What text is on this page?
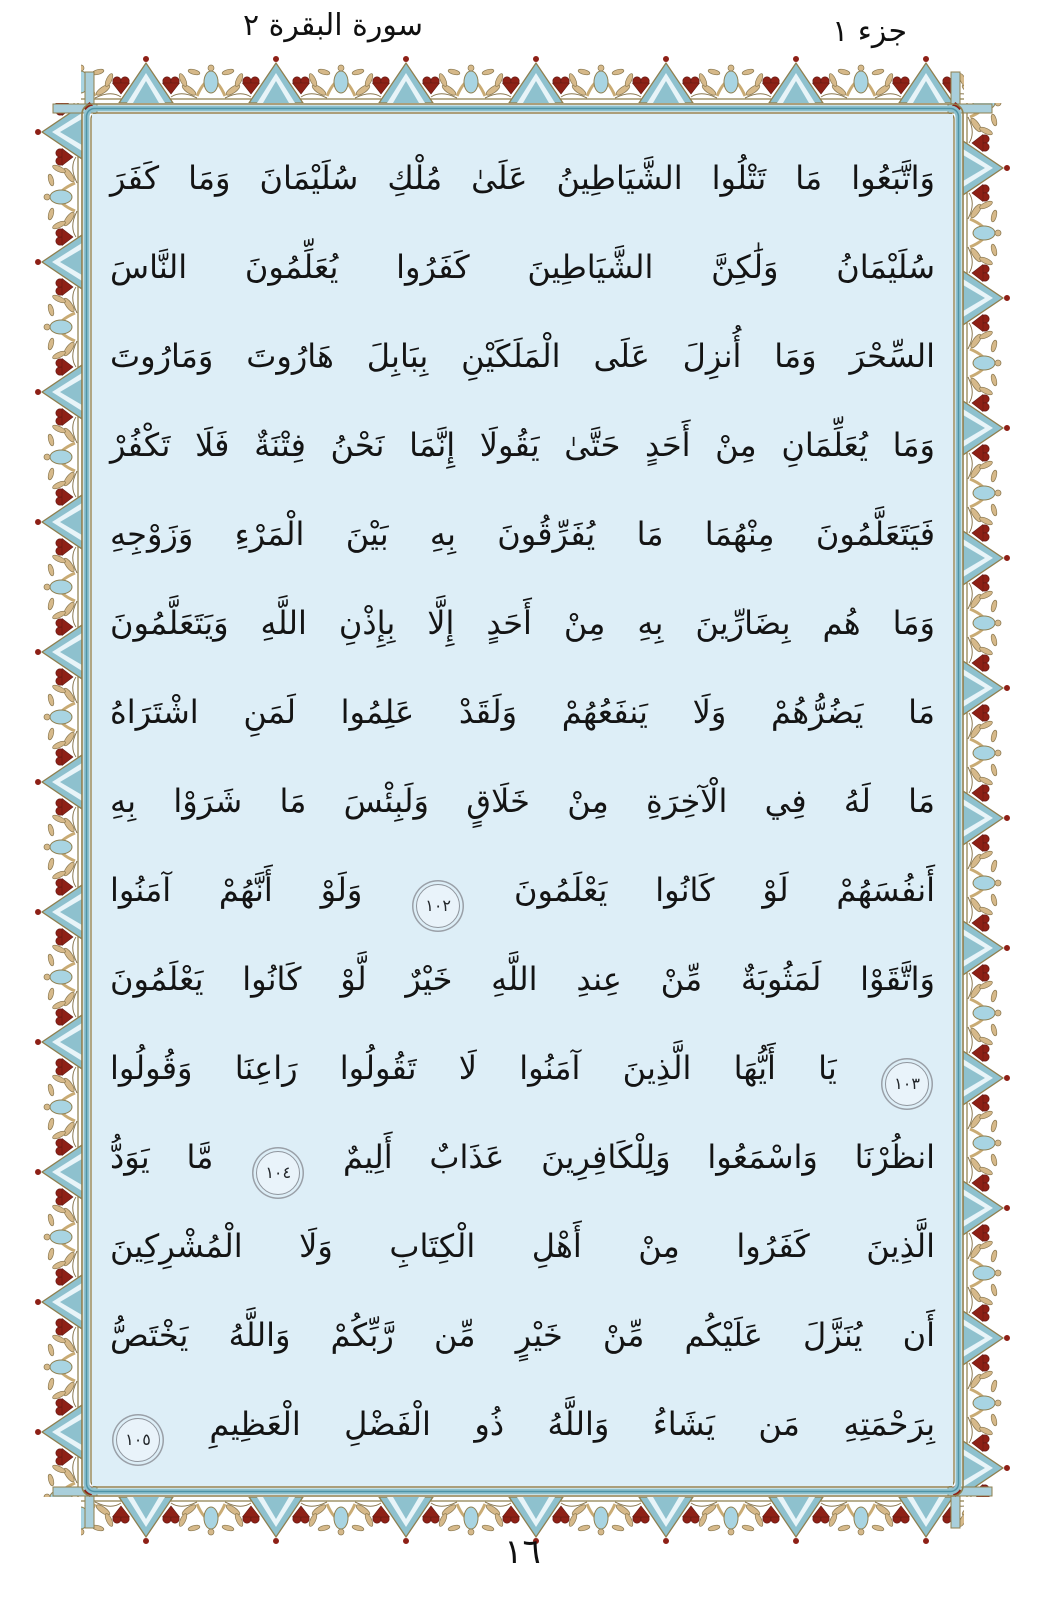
سورة البقرة ٢	جزء ١
وَاتَّبَعُوا مَا تَتْلُوا الشَّيَاطِينُ عَلَىٰ مُلْكِ سُلَيْمَانَ وَمَا كَفَرَ
سُلَيْمَانُ وَلَٰكِنَّ الشَّيَاطِينَ كَفَرُوا يُعَلِّمُونَ النَّاسَ
السِّحْرَ وَمَا أُنزِلَ عَلَى الْمَلَكَيْنِ بِبَابِلَ هَارُوتَ وَمَارُوتَ
وَمَا يُعَلِّمَانِ مِنْ أَحَدٍ حَتَّىٰ يَقُولَا إِنَّمَا نَحْنُ فِتْنَةٌ فَلَا تَكْفُرْ
فَيَتَعَلَّمُونَ مِنْهُمَا مَا يُفَرِّقُونَ بِهِ بَيْنَ الْمَرْءِ وَزَوْجِهِ
وَمَا هُم بِضَارِّينَ بِهِ مِنْ أَحَدٍ إِلَّا بِإِذْنِ اللَّهِ وَيَتَعَلَّمُونَ
مَا يَضُرُّهُمْ وَلَا يَنفَعُهُمْ وَلَقَدْ عَلِمُوا لَمَنِ اشْتَرَاهُ
مَا لَهُ فِي الْآخِرَةِ مِنْ خَلَاقٍ وَلَبِئْسَ مَا شَرَوْا بِهِ
أَنفُسَهُمْ لَوْ كَانُوا يَعْلَمُونَ ١٠٢ وَلَوْ أَنَّهُمْ آمَنُوا
وَاتَّقَوْا لَمَثُوبَةٌ مِّنْ عِندِ اللَّهِ خَيْرٌ لَّوْ كَانُوا يَعْلَمُونَ
١٠٣ يَا أَيُّهَا الَّذِينَ آمَنُوا لَا تَقُولُوا رَاعِنَا وَقُولُوا
انظُرْنَا وَاسْمَعُوا وَلِلْكَافِرِينَ عَذَابٌ أَلِيمٌ ١٠٤ مَّا يَوَدُّ
الَّذِينَ كَفَرُوا مِنْ أَهْلِ الْكِتَابِ وَلَا الْمُشْرِكِينَ
أَن يُنَزَّلَ عَلَيْكُم مِّنْ خَيْرٍ مِّن رَّبِّكُمْ وَاللَّهُ يَخْتَصُّ
بِرَحْمَتِهِ مَن يَشَاءُ وَاللَّهُ ذُو الْفَضْلِ الْعَظِيمِ ١٠٥
١٦
